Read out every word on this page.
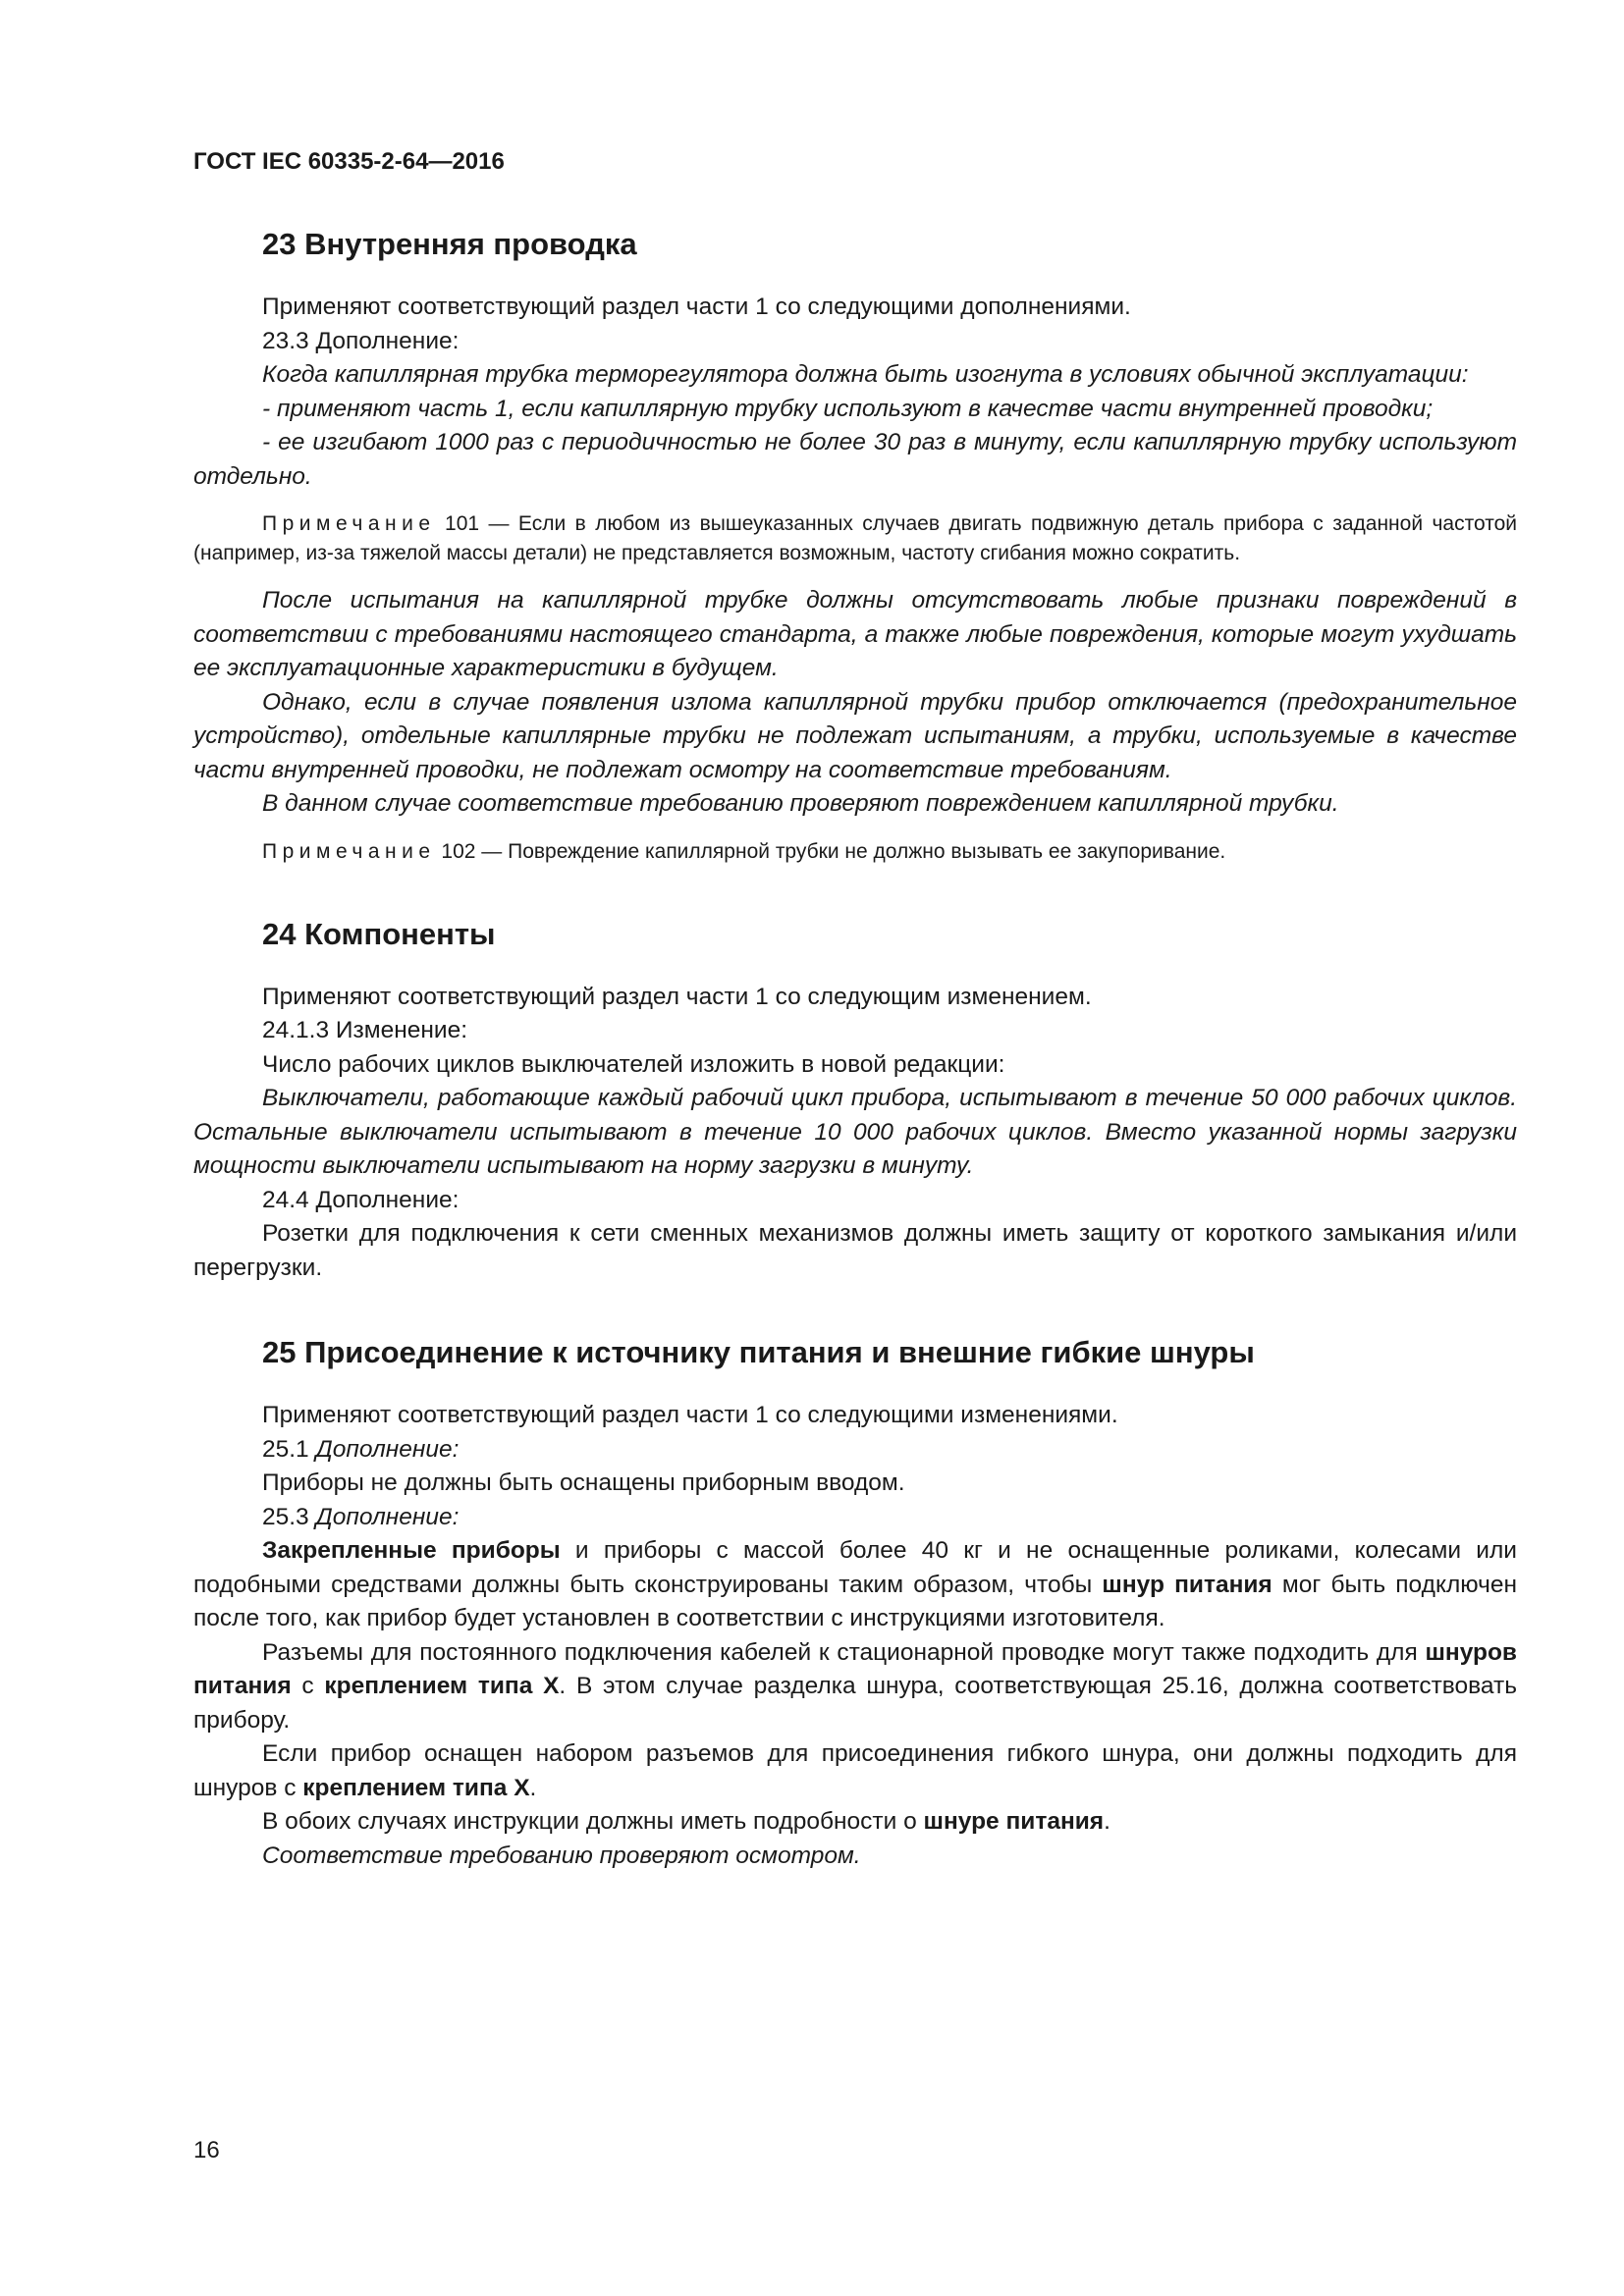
ГОСТ IEC 60335-2-64—2016
23 Внутренняя проводка

Применяют соответствующий раздел части 1 со следующими дополнениями.

23.3 Дополнение:

Когда капиллярная трубка терморегулятора должна быть изогнута в условиях обычной эксплуатации:

- применяют часть 1, если капиллярную трубку используют в качестве части внутренней проводки;

- ее изгибают 1000 раз с периодичностью не более 30 раз в минуту, если капиллярную трубку используют отдельно.

Примечание 101 — Если в любом из вышеуказанных случаев двигать подвижную деталь прибора с заданной частотой (например, из-за тяжелой массы детали) не представляется возможным, частоту сгибания можно сократить.

После испытания на капиллярной трубке должны отсутствовать любые признаки повреждений в соответствии с требованиями настоящего стандарта, а также любые повреждения, которые могут ухудшать ее эксплуатационные характеристики в будущем.

Однако, если в случае появления излома капиллярной трубки прибор отключается (предохранительное устройство), отдельные капиллярные трубки не подлежат испытаниям, а трубки, используемые в качестве части внутренней проводки, не подлежат осмотру на соответствие требованиям.

В данном случае соответствие требованию проверяют повреждением капиллярной трубки.

Примечание 102 — Повреждение капиллярной трубки не должно вызывать ее закупоривание.

24 Компоненты

Применяют соответствующий раздел части 1 со следующим изменением.

24.1.3 Изменение:

Число рабочих циклов выключателей изложить в новой редакции:

Выключатели, работающие каждый рабочий цикл прибора, испытывают в течение 50 000 рабочих циклов. Остальные выключатели испытывают в течение 10 000 рабочих циклов. Вместо указанной нормы загрузки мощности выключатели испытывают на норму загрузки в минуту.

24.4 Дополнение:

Розетки для подключения к сети сменных механизмов должны иметь защиту от короткого замыкания и/или перегрузки.

25 Присоединение к источнику питания и внешние гибкие шнуры

Применяют соответствующий раздел части 1 со следующими изменениями.

25.1 Дополнение:

Приборы не должны быть оснащены приборным вводом.

25.3 Дополнение:

Закрепленные приборы и приборы с массой более 40 кг и не оснащенные роликами, колесами или подобными средствами должны быть сконструированы таким образом, чтобы шнур питания мог быть подключен после того, как прибор будет установлен в соответствии с инструкциями изготовителя.

Разъемы для постоянного подключения кабелей к стационарной проводке могут также подходить для шнуров питания с креплением типа X. В этом случае разделка шнура, соответствующая 25.16, должна соответствовать прибору.

Если прибор оснащен набором разъемов для присоединения гибкого шнура, они должны подходить для шнуров с креплением типа X.

В обоих случаях инструкции должны иметь подробности о шнуре питания.

Соответствие требованию проверяют осмотром.

16
